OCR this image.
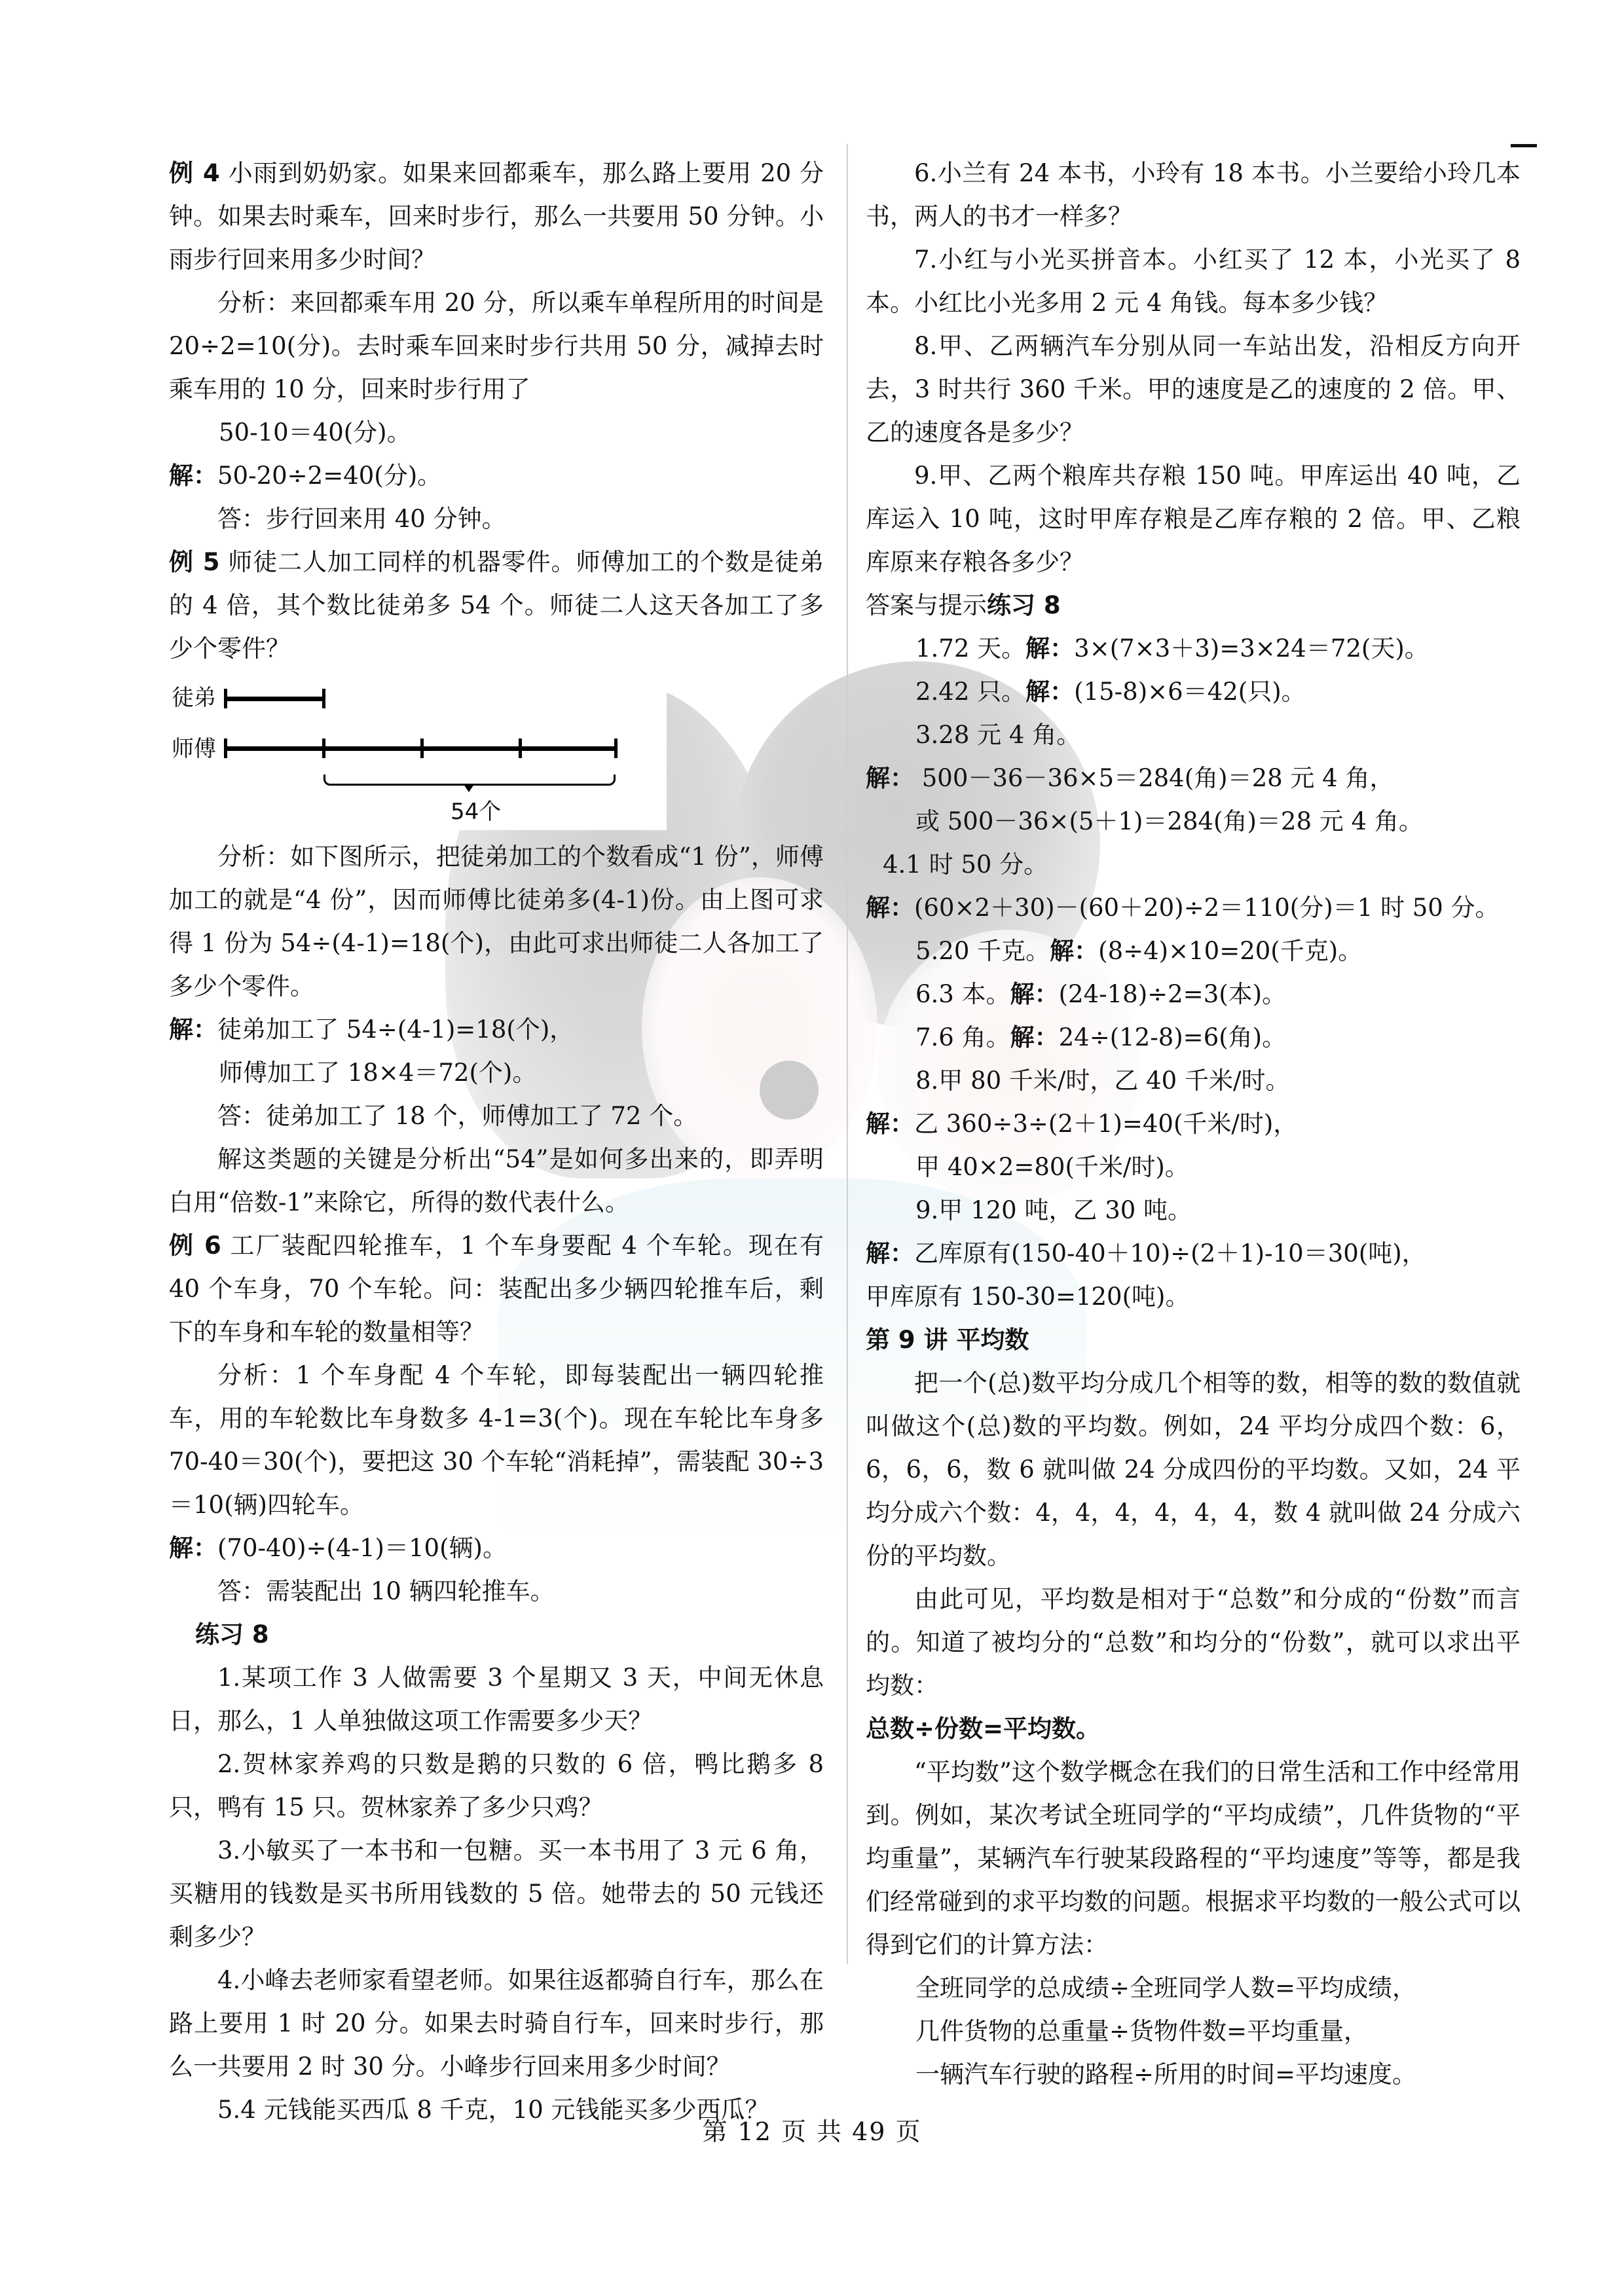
例 4 小雨到奶奶家。如果来回都乘车，那么路上要用 20 分钟。如果去时乘车，回来时步行，那么一共要用 50 分钟。小雨步行回来用多少时间？

分析：来回都乘车用 20 分，所以乘车单程所用的时间是 20÷2=10(分)。去时乘车回来时步行共用 50 分，减掉去时乘车用的 10 分，回来时步行用了

50-10＝40(分)。

解：50-20÷2=40(分)。

答：步行回来用 40 分钟。

例 5 师徒二人加工同样的机器零件。师傅加工的个数是徒弟的 4 倍，其个数比徒弟多 54 个。师徒二人这天各加工了多少个零件？

徒弟
师傅
54个

分析：如下图所示，把徒弟加工的个数看成“1 份”，师傅加工的就是“4 份”，因而师傅比徒弟多(4-1)份。由上图可求得 1 份为 54÷(4-1)=18(个)，由此可求出师徒二人各加工了多少个零件。

解：徒弟加工了 54÷(4-1)=18(个)，

师傅加工了 18×4＝72(个)。

答：徒弟加工了 18 个，师傅加工了 72 个。

解这类题的关键是分析出“54”是如何多出来的，即弄明白用“倍数-1”来除它，所得的数代表什么。

例 6 工厂装配四轮推车，1 个车身要配 4 个车轮。现在有 40 个车身，70 个车轮。问：装配出多少辆四轮推车后，剩下的车身和车轮的数量相等？

分析：1 个车身配 4 个车轮，即每装配出一辆四轮推车，用的车轮数比车身数多 4-1=3(个)。现在车轮比车身多 70-40＝30(个)，要把这 30 个车轮“消耗掉”，需装配 30÷3＝10(辆)四轮车。

解：(70-40)÷(4-1)＝10(辆)。

答：需装配出 10 辆四轮推车。

练习 8

1.某项工作 3 人做需要 3 个星期又 3 天，中间无休息日，那么，1 人单独做这项工作需要多少天？

2.贺林家养鸡的只数是鹅的只数的 6 倍，鸭比鹅多 8 只，鸭有 15 只。贺林家养了多少只鸡？

3.小敏买了一本书和一包糖。买一本书用了 3 元 6 角，买糖用的钱数是买书所用钱数的 5 倍。她带去的 50 元钱还剩多少？

4.小峰去老师家看望老师。如果往返都骑自行车，那么在路上要用 1 时 20 分。如果去时骑自行车，回来时步行，那么一共要用 2 时 30 分。小峰步行回来用多少时间？

5.4 元钱能买西瓜 8 千克，10 元钱能买多少西瓜？

6.小兰有 24 本书，小玲有 18 本书。小兰要给小玲几本书，两人的书才一样多？

7.小红与小光买拼音本。小红买了 12 本，小光买了 8 本。小红比小光多用 2 元 4 角钱。每本多少钱？

8.甲、乙两辆汽车分别从同一车站出发，沿相反方向开去，3 时共行 360 千米。甲的速度是乙的速度的 2 倍。甲、乙的速度各是多少？

9.甲、乙两个粮库共存粮 150 吨。甲库运出 40 吨，乙库运入 10 吨，这时甲库存粮是乙库存粮的 2 倍。甲、乙粮库原来存粮各多少？

答案与提示练习 8

1.72 天。解：3×(7×3＋3)=3×24＝72(天)。

2.42 只。解：(15-8)×6＝42(只)。

3.28 元 4 角。

解： 500－36－36×5＝284(角)＝28 元 4 角，

或 500－36×(5＋1)＝284(角)＝28 元 4 角。

4.1 时 50 分。

解：(60×2＋30)－(60＋20)÷2＝110(分)＝1 时 50 分。

5.20 千克。解：(8÷4)×10=20(千克)。

6.3 本。解：(24-18)÷2=3(本)。

7.6 角。解：24÷(12-8)=6(角)。

8.甲 80 千米/时，乙 40 千米/时。

解：乙 360÷3÷(2＋1)=40(千米/时)，

甲 40×2=80(千米/时)。

9.甲 120 吨，乙 30 吨。

解：乙库原有(150-40＋10)÷(2＋1)-10＝30(吨)，

甲库原有 150-30=120(吨)。

第 9 讲 平均数

把一个(总)数平均分成几个相等的数，相等的数的数值就叫做这个(总)数的平均数。例如，24 平均分成四个数：6，6，6，6，数 6 就叫做 24 分成四份的平均数。又如，24 平均分成六个数：4，4，4，4，4，4，数 4 就叫做 24 分成六份的平均数。

由此可见，平均数是相对于“总数”和分成的“份数”而言的。知道了被均分的“总数”和均分的“份数”，就可以求出平均数：

总数÷份数=平均数。

“平均数”这个数学概念在我们的日常生活和工作中经常用到。例如，某次考试全班同学的“平均成绩”，几件货物的“平均重量”，某辆汽车行驶某段路程的“平均速度”等等，都是我们经常碰到的求平均数的问题。根据求平均数的一般公式可以得到它们的计算方法：

全班同学的总成绩÷全班同学人数=平均成绩，

几件货物的总重量÷货物件数=平均重量，

一辆汽车行驶的路程÷所用的时间=平均速度。

第 12 页 共 49 页
